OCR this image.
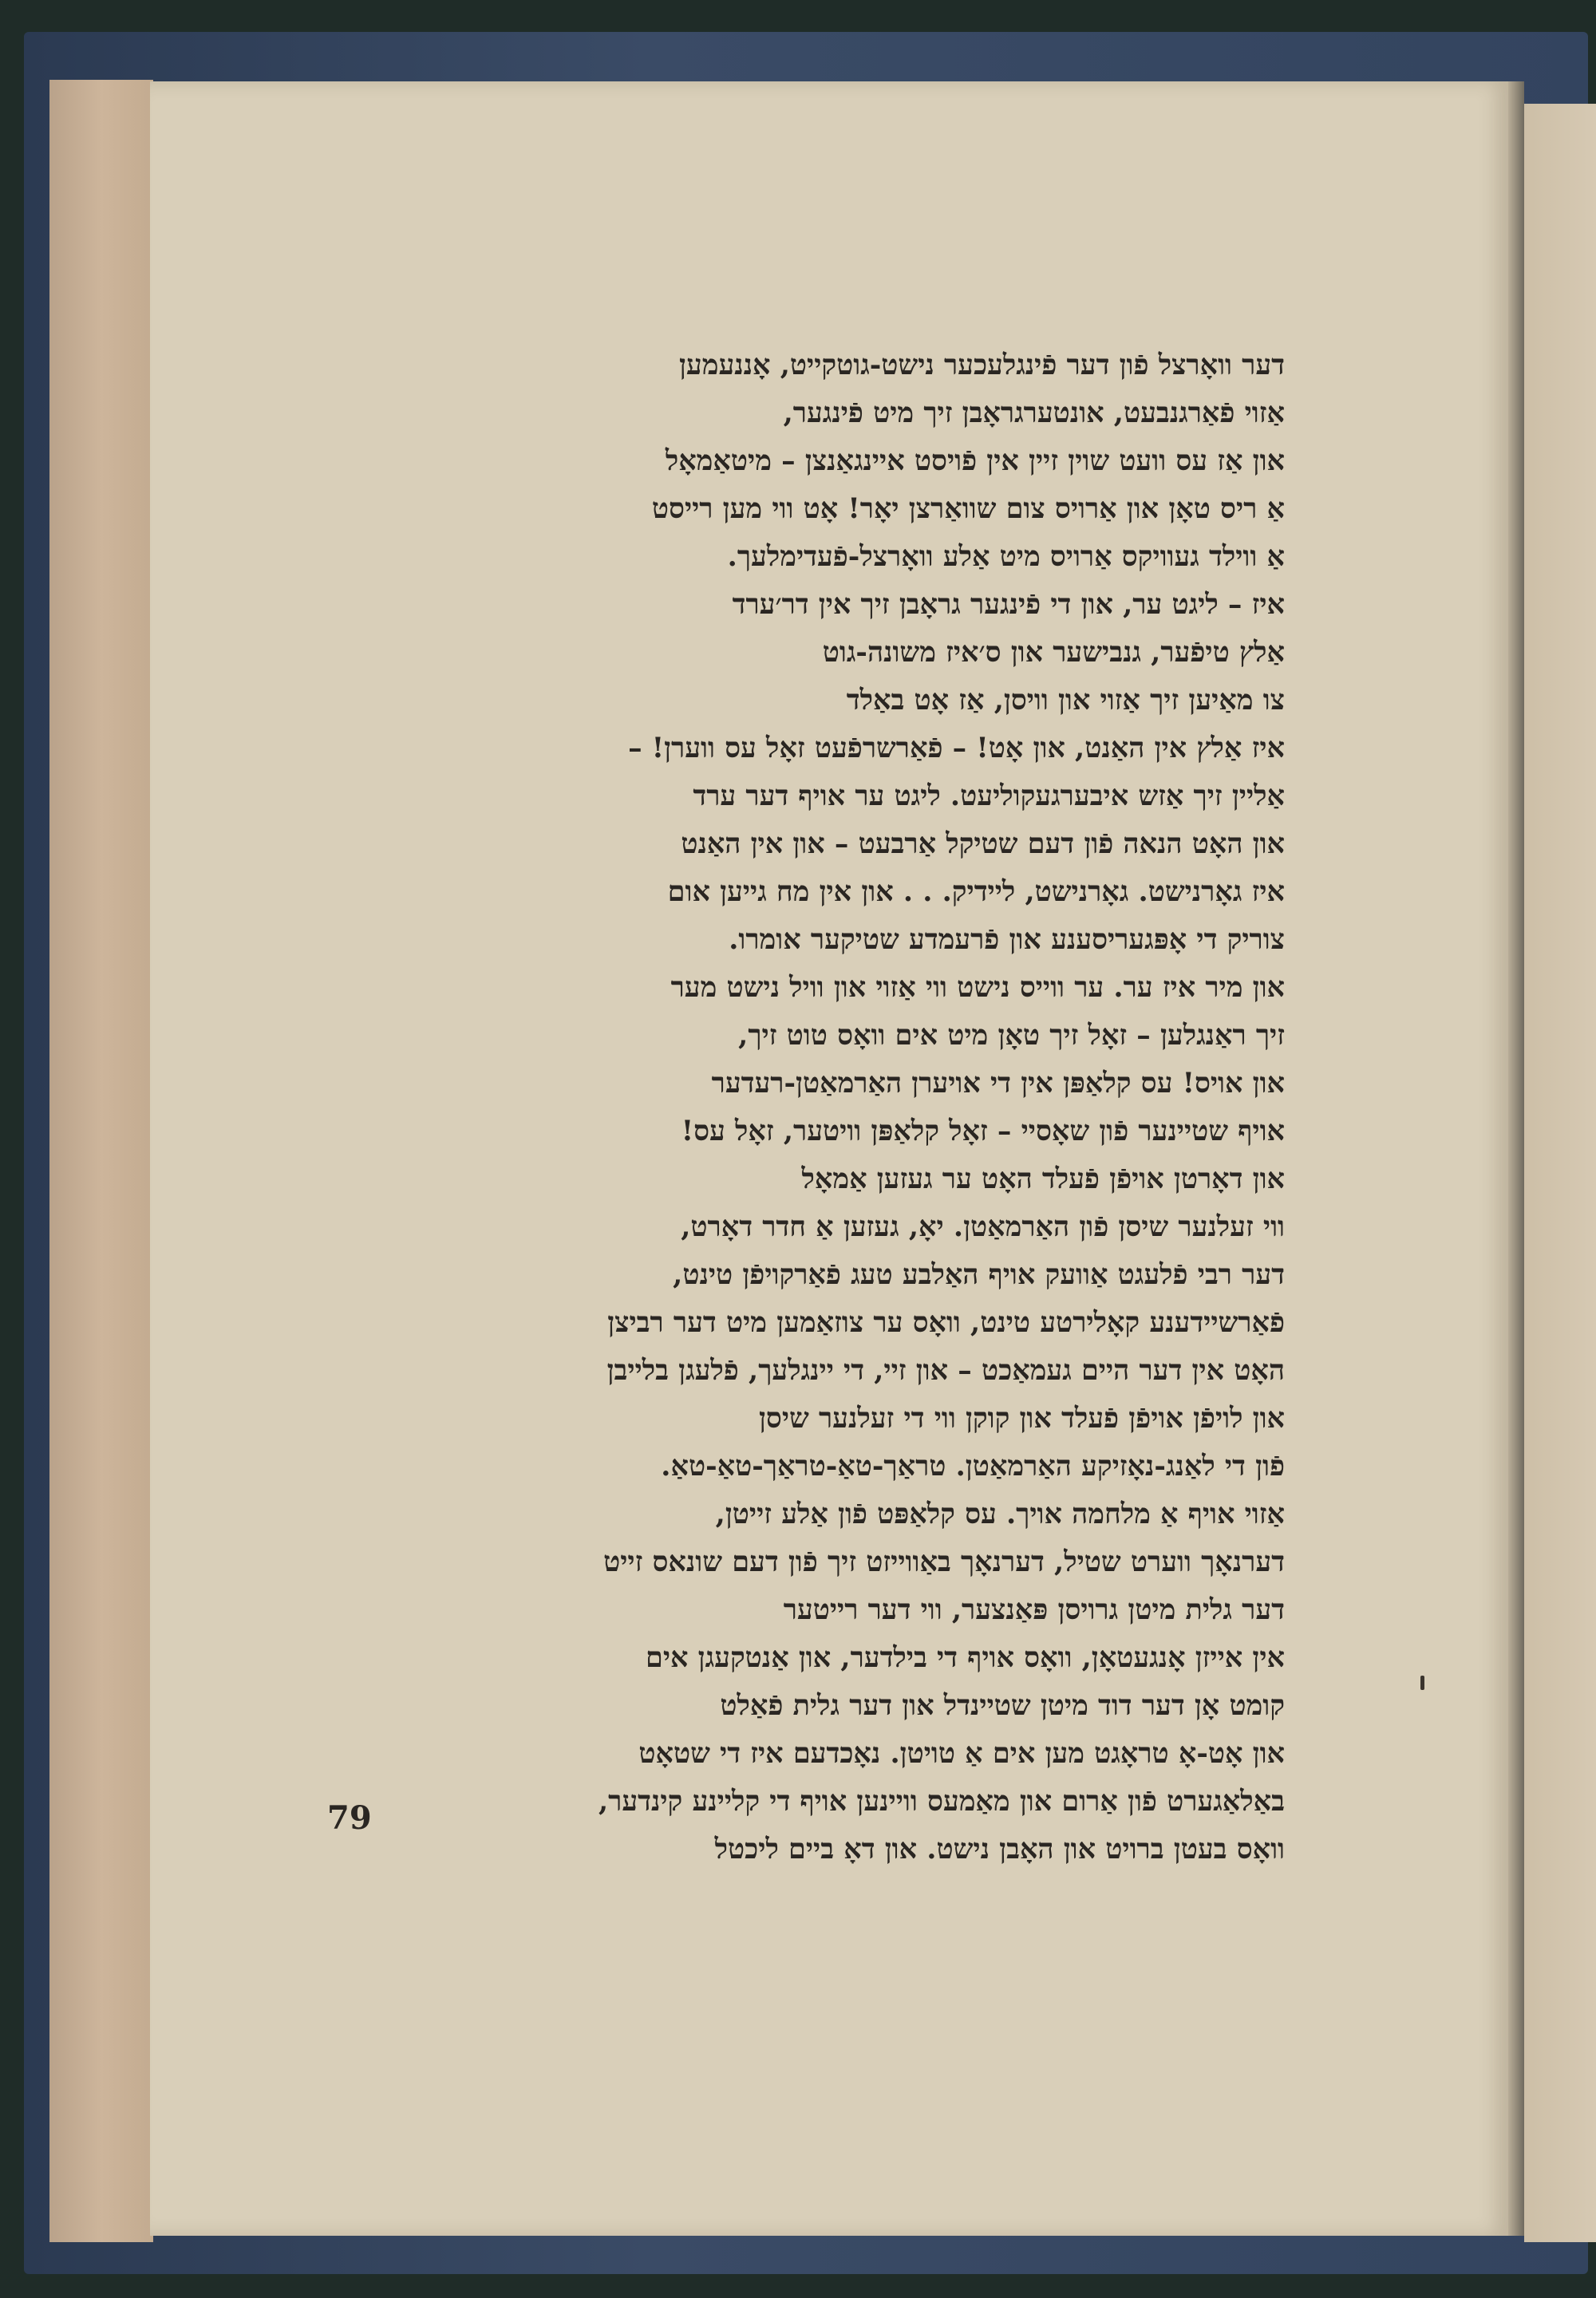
דער וואָרצל פֿון דער פֿינגלעכער נישט-גוטקייט, אָננעמען
אַזוי פֿאַרגנבעט, אונטערגראָבן זיך מיט פֿינגער,
און אַז עס וועט שוין זיין אין פֿויסט איינגאַנצן – מיטאַמאָל
אַ ריס טאָן און אַרויס צום שוואַרצן יאָר! אָט ווי מען רייסט
אַ ווילד געוויקס אַרויס מיט אַלע וואָרצל-פֿעדימלעך.
איז – ליגט ער, און די פֿינגער גראָבן זיך אין דר׳ערד
אַלץ טיפֿער, גנבישער און ס׳איז משונה-גוט
צו מאַיען זיך אַזוי און וויסן, אַז אָט באַלד
איז אַלץ אין האַנט, און אָט! – פֿאַרשרפֿעט זאָל עס ווערן! –
אַליין זיך אַזש איבערגעקוליעט. ליגט ער אויף דער ערד
און האָט הנאה פֿון דעם שטיקל אַרבעט – און אין האַנט
איז גאָרנישט. גאָרנישט, ליידיק. . . און אין מח גייען אום
צוריק די אָפּגעריסענע און פֿרעמדע שטיקער אומרו.
און מיר איז ער. ער ווייס נישט ווי אַזוי און וויל נישט מער
זיך ראַנגלען – זאָל זיך טאָן מיט אים וואָס טוט זיך,
און אויס! עס קלאַפּן אין די אויערן האַרמאַטן-רעדער
אויף שטיינער פֿון שאָסיי – זאָל קלאַפּן וויטער, זאָל עס!
און דאָרטן אויפֿן פֿעלד האָט ער געזען אַמאָל
ווי זעלנער שיסן פֿון האַרמאַטן. יאָ, געזען אַ חדר דאָרט,
דער רבי פֿלעגט אַוועק אויף האַלבע טעג פֿאַרקויפֿן טינט,
פֿאַרשיידענע קאָלירטע טינט, וואָס ער צוזאַמען מיט דער רביצן
האָט אין דער היים געמאַכט – און זיי, די יינגלעך, פֿלעגן בלייבן
און לויפֿן אויפֿן פֿעלד און קוקן ווי די זעלנער שיסן
פֿון די לאַנג-נאָזיקע האַרמאַטן. טראַך-טאַ-טראַך-טאַ-טאַ.
אַזוי אויף אַ מלחמה אויך. עס קלאַפּט פֿון אַלע זייטן,
דערנאָך ווערט שטיל, דערנאָך באַווייזט זיך פֿון דעם שונאס זייט
דער גלית מיטן גרויסן פּאַנצער, ווי דער רייטער
אין אייזן אָנגעטאָן, וואָס אויף די בילדער, און אַנטקעגן אים
קומט אָן דער דוד מיטן שטיינדל און דער גלית פֿאַלט
און אָט-אָ טראָגט מען אים אַ טויטן. נאָכדעם איז די שטאָט
באַלאַגערט פֿון אַרום און מאַמעס וויינען אויף די קליינע קינדער,
וואָס בעטן ברויט און האָבן נישט. און דאָ ביים ליכטל
79
